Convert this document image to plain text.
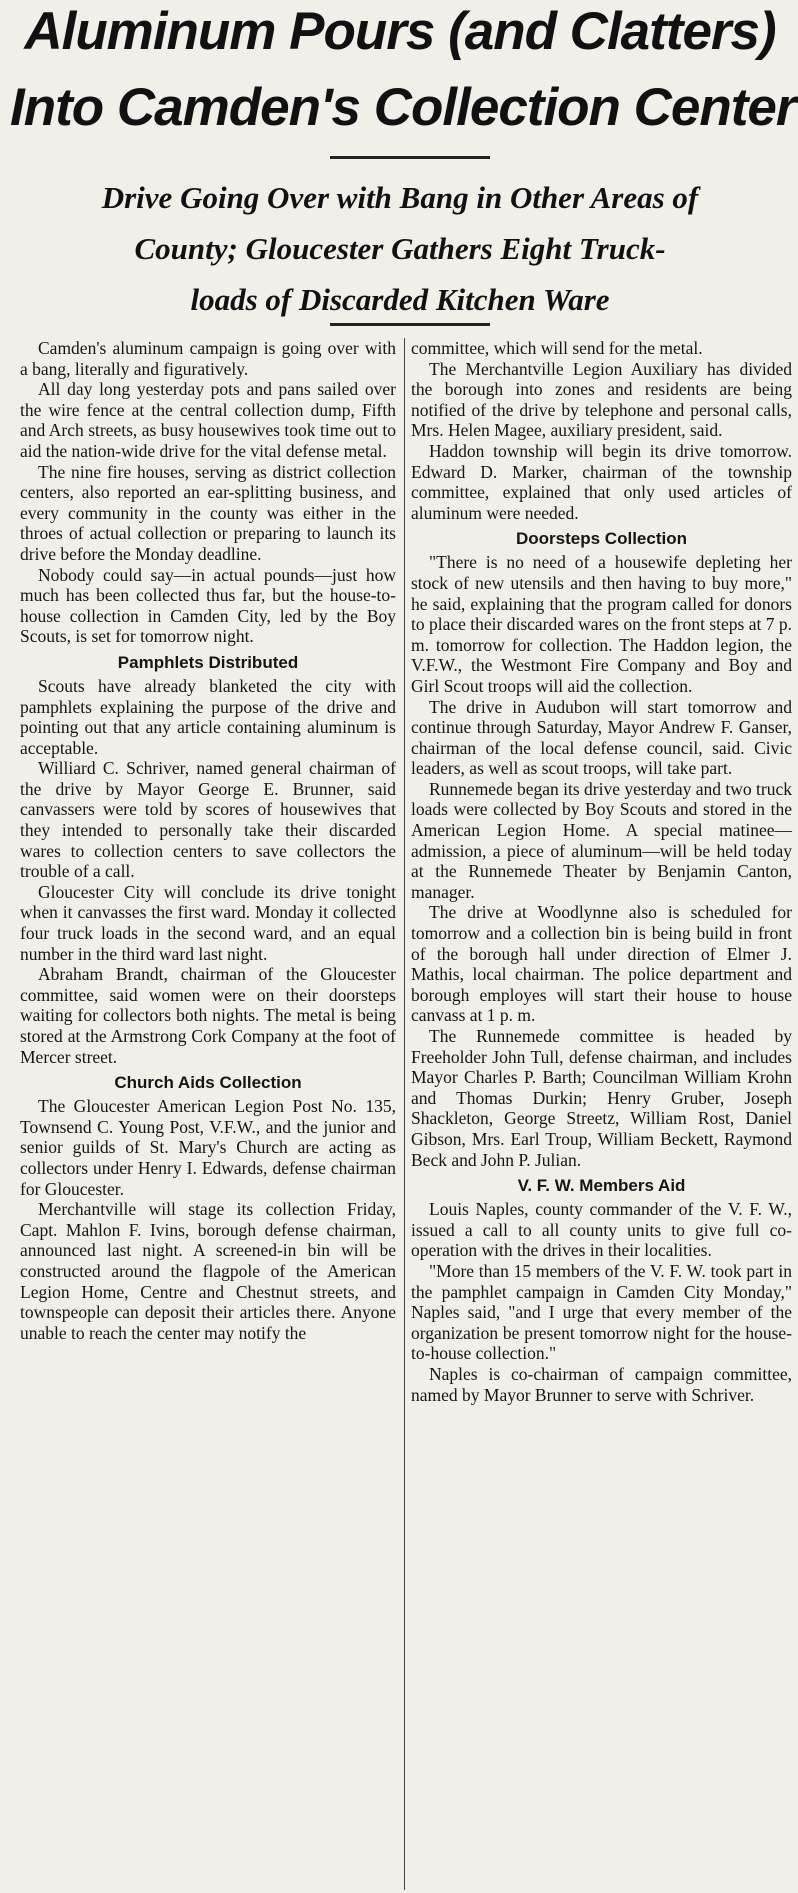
Aluminum Pours (and Clatters)
Into Camden's Collection Center
Drive Going Over with Bang in Other Areas of
County; Gloucester Gathers Eight Truck-
loads of Discarded Kitchen Ware

Camden's aluminum campaign is going over with a bang, literally and figuratively.

All day long yesterday pots and pans sailed over the wire fence at the central collection dump, Fifth and Arch streets, as busy housewives took time out to aid the nation-wide drive for the vital defense metal.

The nine fire houses, serving as district collection centers, also reported an ear-splitting business, and every community in the county was either in the throes of actual collection or preparing to launch its drive before the Monday deadline.

Nobody could say—in actual pounds—just how much has been collected thus far, but the house-to-house collection in Camden City, led by the Boy Scouts, is set for tomorrow night.

Pamphlets Distributed

Scouts have already blanketed the city with pamphlets explaining the purpose of the drive and pointing out that any article containing aluminum is acceptable.

Williard C. Schriver, named general chairman of the drive by Mayor George E. Brunner, said canvassers were told by scores of housewives that they intended to personally take their discarded wares to collection centers to save collectors the trouble of a call.

Gloucester City will conclude its drive tonight when it canvasses the first ward. Monday it collected four truck loads in the second ward, and an equal number in the third ward last night.

Abraham Brandt, chairman of the Gloucester committee, said women were on their doorsteps waiting for collectors both nights. The metal is being stored at the Armstrong Cork Company at the foot of Mercer street.

Church Aids Collection

The Gloucester American Legion Post No. 135, Townsend C. Young Post, V.F.W., and the junior and senior guilds of St. Mary's Church are acting as collectors under Henry I. Edwards, defense chairman for Gloucester.

Merchantville will stage its collection Friday, Capt. Mahlon F. Ivins, borough defense chairman, announced last night. A screened-in bin will be constructed around the flagpole of the American Legion Home, Centre and Chestnut streets, and townspeople can deposit their articles there. Anyone unable to reach the center may notify the

committee, which will send for the metal.

The Merchantville Legion Auxiliary has divided the borough into zones and residents are being notified of the drive by telephone and personal calls, Mrs. Helen Magee, auxiliary president, said.

Haddon township will begin its drive tomorrow. Edward D. Marker, chairman of the township committee, explained that only used articles of aluminum were needed.

Doorsteps Collection

"There is no need of a housewife depleting her stock of new utensils and then having to buy more," he said, explaining that the program called for donors to place their discarded wares on the front steps at 7 p. m. tomorrow for collection. The Haddon legion, the V.F.W., the Westmont Fire Company and Boy and Girl Scout troops will aid the collection.

The drive in Audubon will start tomorrow and continue through Saturday, Mayor Andrew F. Ganser, chairman of the local defense council, said. Civic leaders, as well as scout troops, will take part.

Runnemede began its drive yesterday and two truck loads were collected by Boy Scouts and stored in the American Legion Home. A special matinee—admission, a piece of aluminum—will be held today at the Runnemede Theater by Benjamin Canton, manager.

The drive at Woodlynne also is scheduled for tomorrow and a collection bin is being build in front of the borough hall under direction of Elmer J. Mathis, local chairman. The police department and borough employes will start their house to house canvass at 1 p. m.

The Runnemede committee is headed by Freeholder John Tull, defense chairman, and includes Mayor Charles P. Barth; Councilman William Krohn and Thomas Durkin; Henry Gruber, Joseph Shackleton, George Streetz, William Rost, Daniel Gibson, Mrs. Earl Troup, William Beckett, Raymond Beck and John P. Julian.

V. F. W. Members Aid

Louis Naples, county commander of the V. F. W., issued a call to all county units to give full co-operation with the drives in their localities.

"More than 15 members of the V. F. W. took part in the pamphlet campaign in Camden City Monday," Naples said, "and I urge that every member of the organization be present tomorrow night for the house-to-house collection."

Naples is co-chairman of campaign committee, named by Mayor Brunner to serve with Schriver.
